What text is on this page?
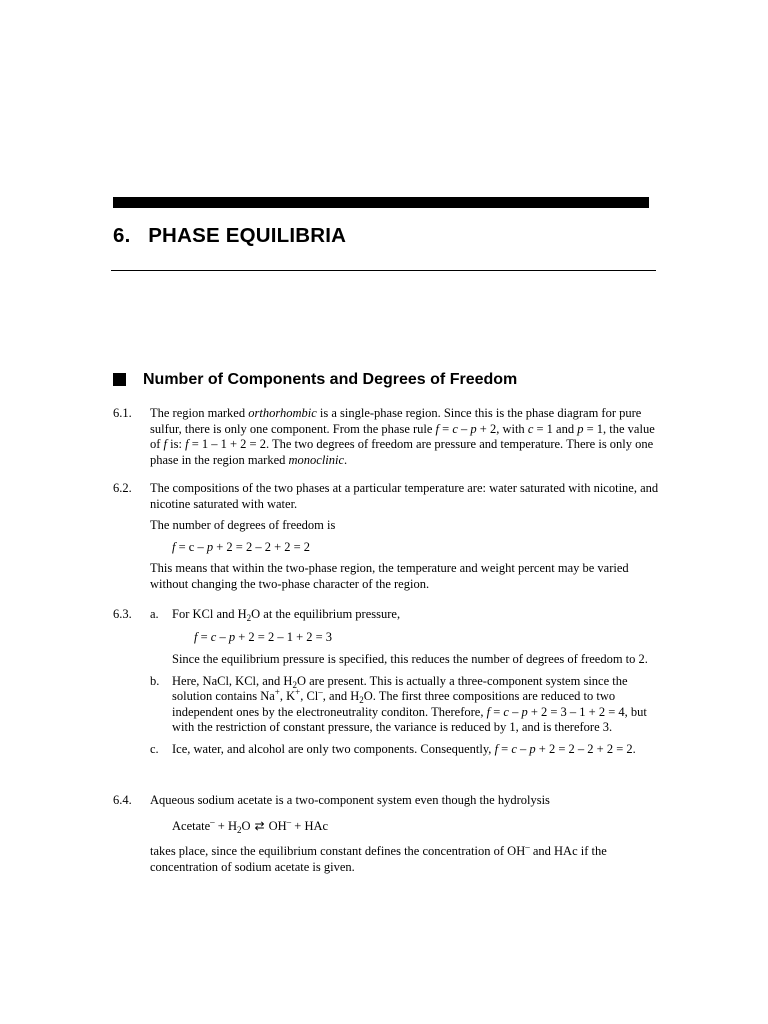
6. PHASE EQUILIBRIA
Number of Components and Degrees of Freedom
6.1. The region marked orthorhombic is a single-phase region. Since this is the phase diagram for pure sulfur, there is only one component. From the phase rule f = c – p + 2, with c = 1 and p = 1, the value of f is: f = 1 – 1 + 2 = 2. The two degrees of freedom are pressure and temperature. There is only one phase in the region marked monoclinic.

6.2. The compositions of the two phases at a particular temperature are: water saturated with nicotine, and nicotine saturated with water.

The number of degrees of freedom is

f = c – p + 2 = 2 – 2 + 2 = 2

This means that within the two-phase region, the temperature and weight percent may be varied without changing the two-phase character of the region.

6.3. a. For KCl and $H_2O$ at the equilibrium pressure,

f = c – p + 2 = 2 – 1 + 2 = 3

Since the equilibrium pressure is specified, this reduces the number of degrees of freedom to 2.

b. Here, NaCl, KCl, and $H_2O$ are present. This is actually a three-component system since the solution contains Na+, K+, Cl–, and $H_2O$. The first three compositions are reduced to two independent ones by the electroneutrality conditon. Therefore, f = c – p + 2 = 3 – 1 + 2 = 4, but with the restriction of constant pressure, the variance is reduced by 1, and is therefore 3.

c. Ice, water, and alcohol are only two components. Consequently, f = c – p + 2 = 2 – 2 + 2 = 2.

6.4. Aqueous sodium acetate is a two-component system even though the hydrolysis

Acetate– + $H_2O$ ⇄ OH– + HAc

takes place, since the equilibrium constant defines the concentration of OH– and HAc if the concentration of sodium acetate is given.
